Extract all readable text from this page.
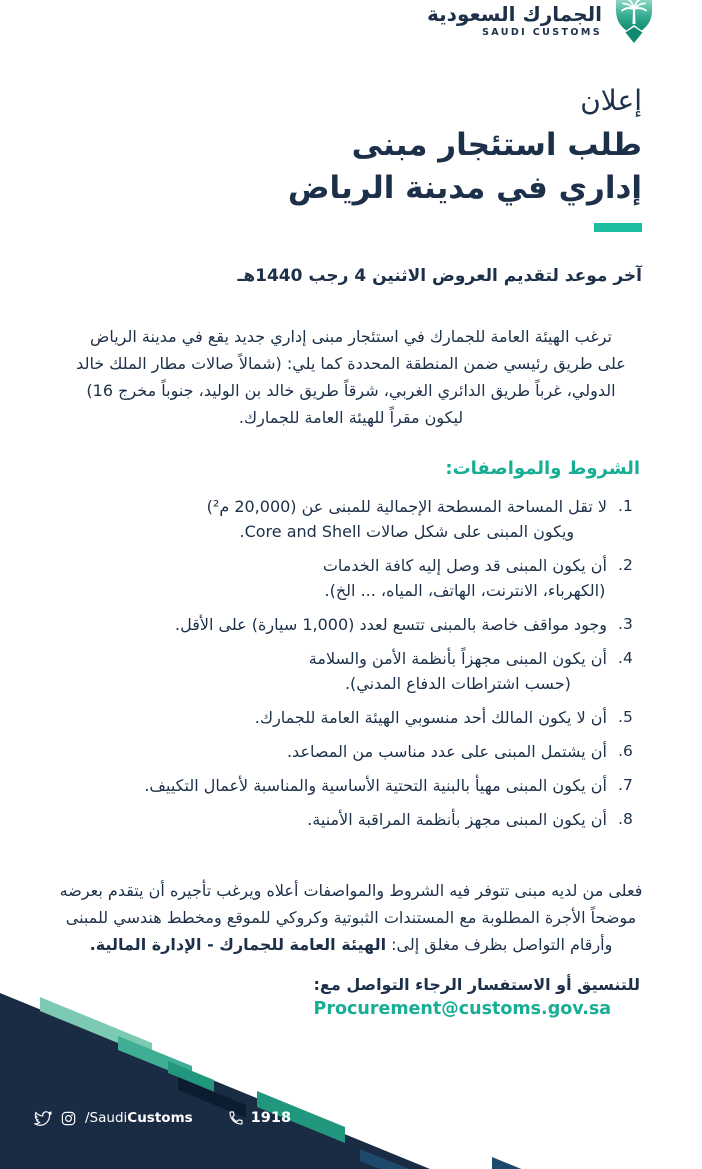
الجمارك السعودية
SAUDI CUSTOMS
إعلان
طلب استئجار مبنى
إداري في مدينة الرياض
آخر موعد لتقديم العروض الاثنين 4 رجب 1440هـ
ترغب الهيئة العامة للجمارك في استئجار مبنى إداري جديد يقع في مدينة الرياض
على طريق رئيسي ضمن المنطقة المحددة كما يلي: (شمالاً صالات مطار الملك خالد
الدولي، غرباً طريق الدائري الغربي، شرقاً طريق خالد بن الوليد، جنوباً مخرج 16)
ليكون مقراً للهيئة العامة للجمارك.
الشروط والمواصفات:
1.
لا تقل المساحة المسطحة الإجمالية للمبنى عن (20,000 م²)
ويكون المبنى على شكل صالات Core and Shell.
2.
أن يكون المبنى قد وصل إليه كافة الخدمات
(الكهرباء، الانترنت، الهاتف، المياه، ... الخ).
3.
وجود مواقف خاصة بالمبنى تتسع لعدد (1,000 سيارة) على الأقل.
4.
أن يكون المبنى مجهزاً بأنظمة الأمن والسلامة
(حسب اشتراطات الدفاع المدني).
5.
أن لا يكون المالك أحد منسوبي الهيئة العامة للجمارك.
6.
أن يشتمل المبنى على عدد مناسب من المصاعد.
7.
أن يكون المبنى مهيأ بالبنية التحتية الأساسية والمناسبة لأعمال التكييف.
8.
أن يكون المبنى مجهز بأنظمة المراقبة الأمنية.
فعلى من لديه مبنى تتوفر فيه الشروط والمواصفات أعلاه ويرغب تأجيره أن يتقدم بعرضه
موضحاً الأجرة المطلوبة مع المستندات الثبوتية وكروكي للموقع ومخطط هندسي للمبنى
وأرقام التواصل بظرف مغلق إلى: الهيئة العامة للجمارك - الإدارة المالية.
للتنسيق أو الاستفسار الرجاء التواصل مع:
Procurement@customs.gov.sa
/SaudiCustoms	1918
